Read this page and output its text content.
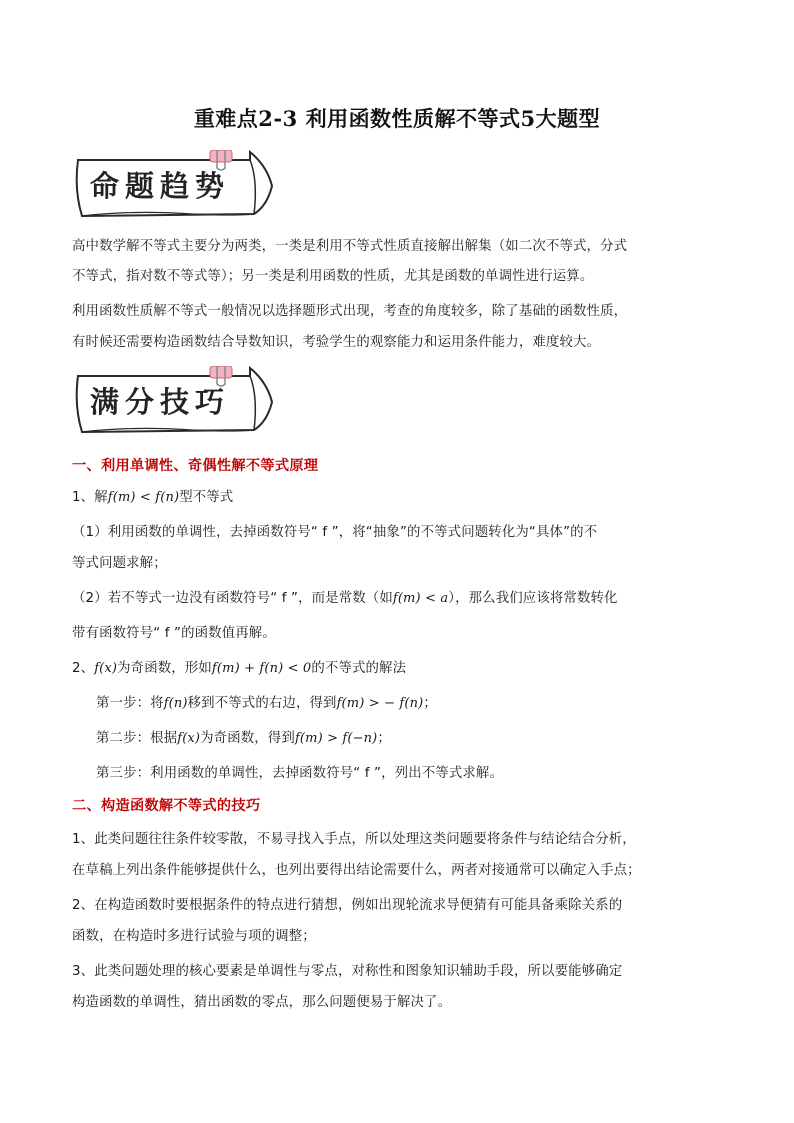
重难点2-3 利用函数性质解不等式5大题型
命题趋势
高中数学解不等式主要分为两类，一类是利用不等式性质直接解出解集（如二次不等式，分式
不等式，指对数不等式等）；另一类是利用函数的性质，尤其是函数的单调性进行运算。
利用函数性质解不等式一般情况以选择题形式出现，考查的角度较多，除了基础的函数性质，
有时候还需要构造函数结合导数知识，考验学生的观察能力和运用条件能力，难度较大。
满分技巧
一、利用单调性、奇偶性解不等式原理
1、解f(m) < f(n)型不等式
（1）利用函数的单调性，去掉函数符号“ f ”，将“抽象”的不等式问题转化为“具体”的不
等式问题求解；
（2）若不等式一边没有函数符号“ f ”，而是常数（如f(m) < a），那么我们应该将常数转化
带有函数符号“ f ”的函数值再解。
2、f(x)为奇函数，形如f(m) + f(n) < 0的不等式的解法
第一步：将f(n)移到不等式的右边，得到f(m) > − f(n)；
第二步：根据f(x)为奇函数，得到f(m) > f(−n)；
第三步：利用函数的单调性，去掉函数符号“ f ”，列出不等式求解。
二、构造函数解不等式的技巧
1、此类问题往往条件较零散，不易寻找入手点，所以处理这类问题要将条件与结论结合分析，
在草稿上列出条件能够提供什么，也列出要得出结论需要什么，两者对接通常可以确定入手点；
2、在构造函数时要根据条件的特点进行猜想，例如出现轮流求导便猜有可能具备乘除关系的
函数，在构造时多进行试验与项的调整；
3、此类问题处理的核心要素是单调性与零点，对称性和图象知识辅助手段，所以要能够确定
构造函数的单调性，猜出函数的零点，那么问题便易于解决了。
